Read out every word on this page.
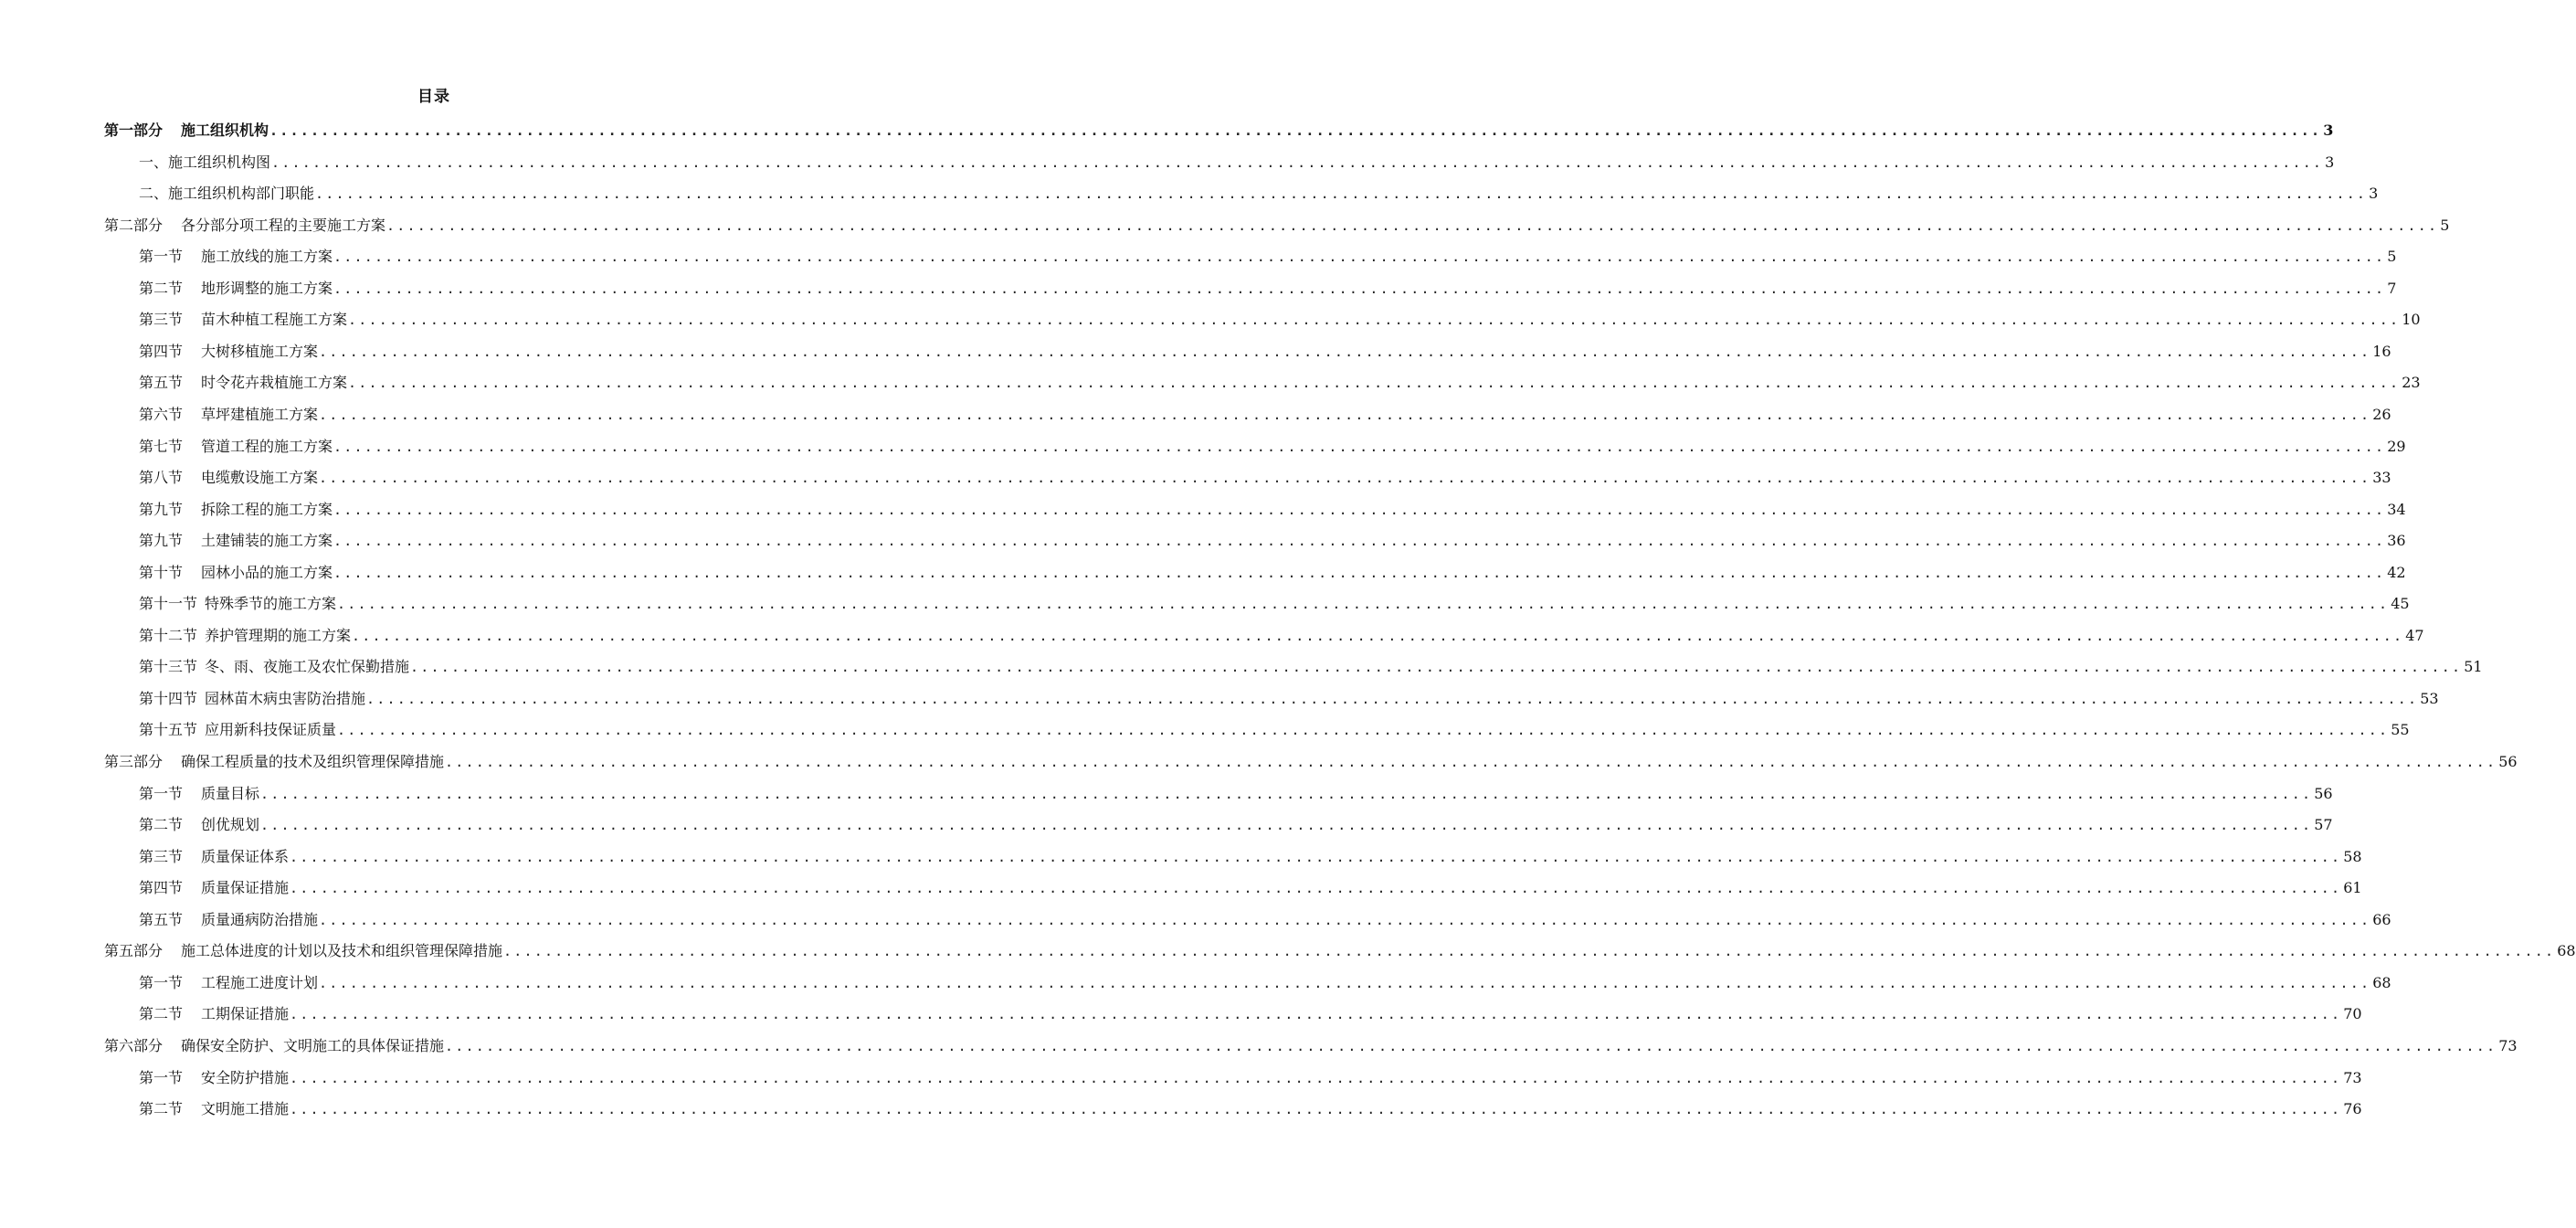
目录
第一部分 施工组织机构 ........................................................................................................................................................................................................ 3
一、施工组织机构图 ........................................................................................................................................................................................................ 3
二、施工组织机构部门职能 ........................................................................................................................................................................................................ 3
第二部分 各分部分项工程的主要施工方案 ........................................................................................................................................................................................................ 5
第一节 施工放线的施工方案 ........................................................................................................................................................................................................ 5
第二节 地形调整的施工方案 ........................................................................................................................................................................................................ 7
第三节 苗木种植工程施工方案 ........................................................................................................................................................................................................ 10
第四节 大树移植施工方案 ........................................................................................................................................................................................................ 16
第五节 时令花卉栽植施工方案 ........................................................................................................................................................................................................ 23
第六节 草坪建植施工方案 ........................................................................................................................................................................................................ 26
第七节 管道工程的施工方案 ........................................................................................................................................................................................................ 29
第八节 电缆敷设施工方案 ........................................................................................................................................................................................................ 33
第九节 拆除工程的施工方案 ........................................................................................................................................................................................................ 34
第九节 土建铺装的施工方案 ........................................................................................................................................................................................................ 36
第十节 园林小品的施工方案 ........................................................................................................................................................................................................ 42
第十一节 特殊季节的施工方案 ........................................................................................................................................................................................................ 45
第十二节 养护管理期的施工方案 ........................................................................................................................................................................................................ 47
第十三节 冬、雨、夜施工及农忙保勤措施 ........................................................................................................................................................................................................ 51
第十四节 园林苗木病虫害防治措施 ........................................................................................................................................................................................................ 53
第十五节 应用新科技保证质量 ........................................................................................................................................................................................................ 55
第三部分 确保工程质量的技术及组织管理保障措施 ........................................................................................................................................................................................................ 56
第一节 质量目标 ........................................................................................................................................................................................................ 56
第二节 创优规划 ........................................................................................................................................................................................................ 57
第三节 质量保证体系 ........................................................................................................................................................................................................ 58
第四节 质量保证措施 ........................................................................................................................................................................................................ 61
第五节 质量通病防治措施 ........................................................................................................................................................................................................ 66
第五部分 施工总体进度的计划以及技术和组织管理保障措施 ........................................................................................................................................................................................................ 68
第一节 工程施工进度计划 ........................................................................................................................................................................................................ 68
第二节 工期保证措施 ........................................................................................................................................................................................................ 70
第六部分 确保安全防护、文明施工的具体保证措施 ........................................................................................................................................................................................................ 73
第一节 安全防护措施 ........................................................................................................................................................................................................ 73
第二节 文明施工措施 ........................................................................................................................................................................................................ 76
